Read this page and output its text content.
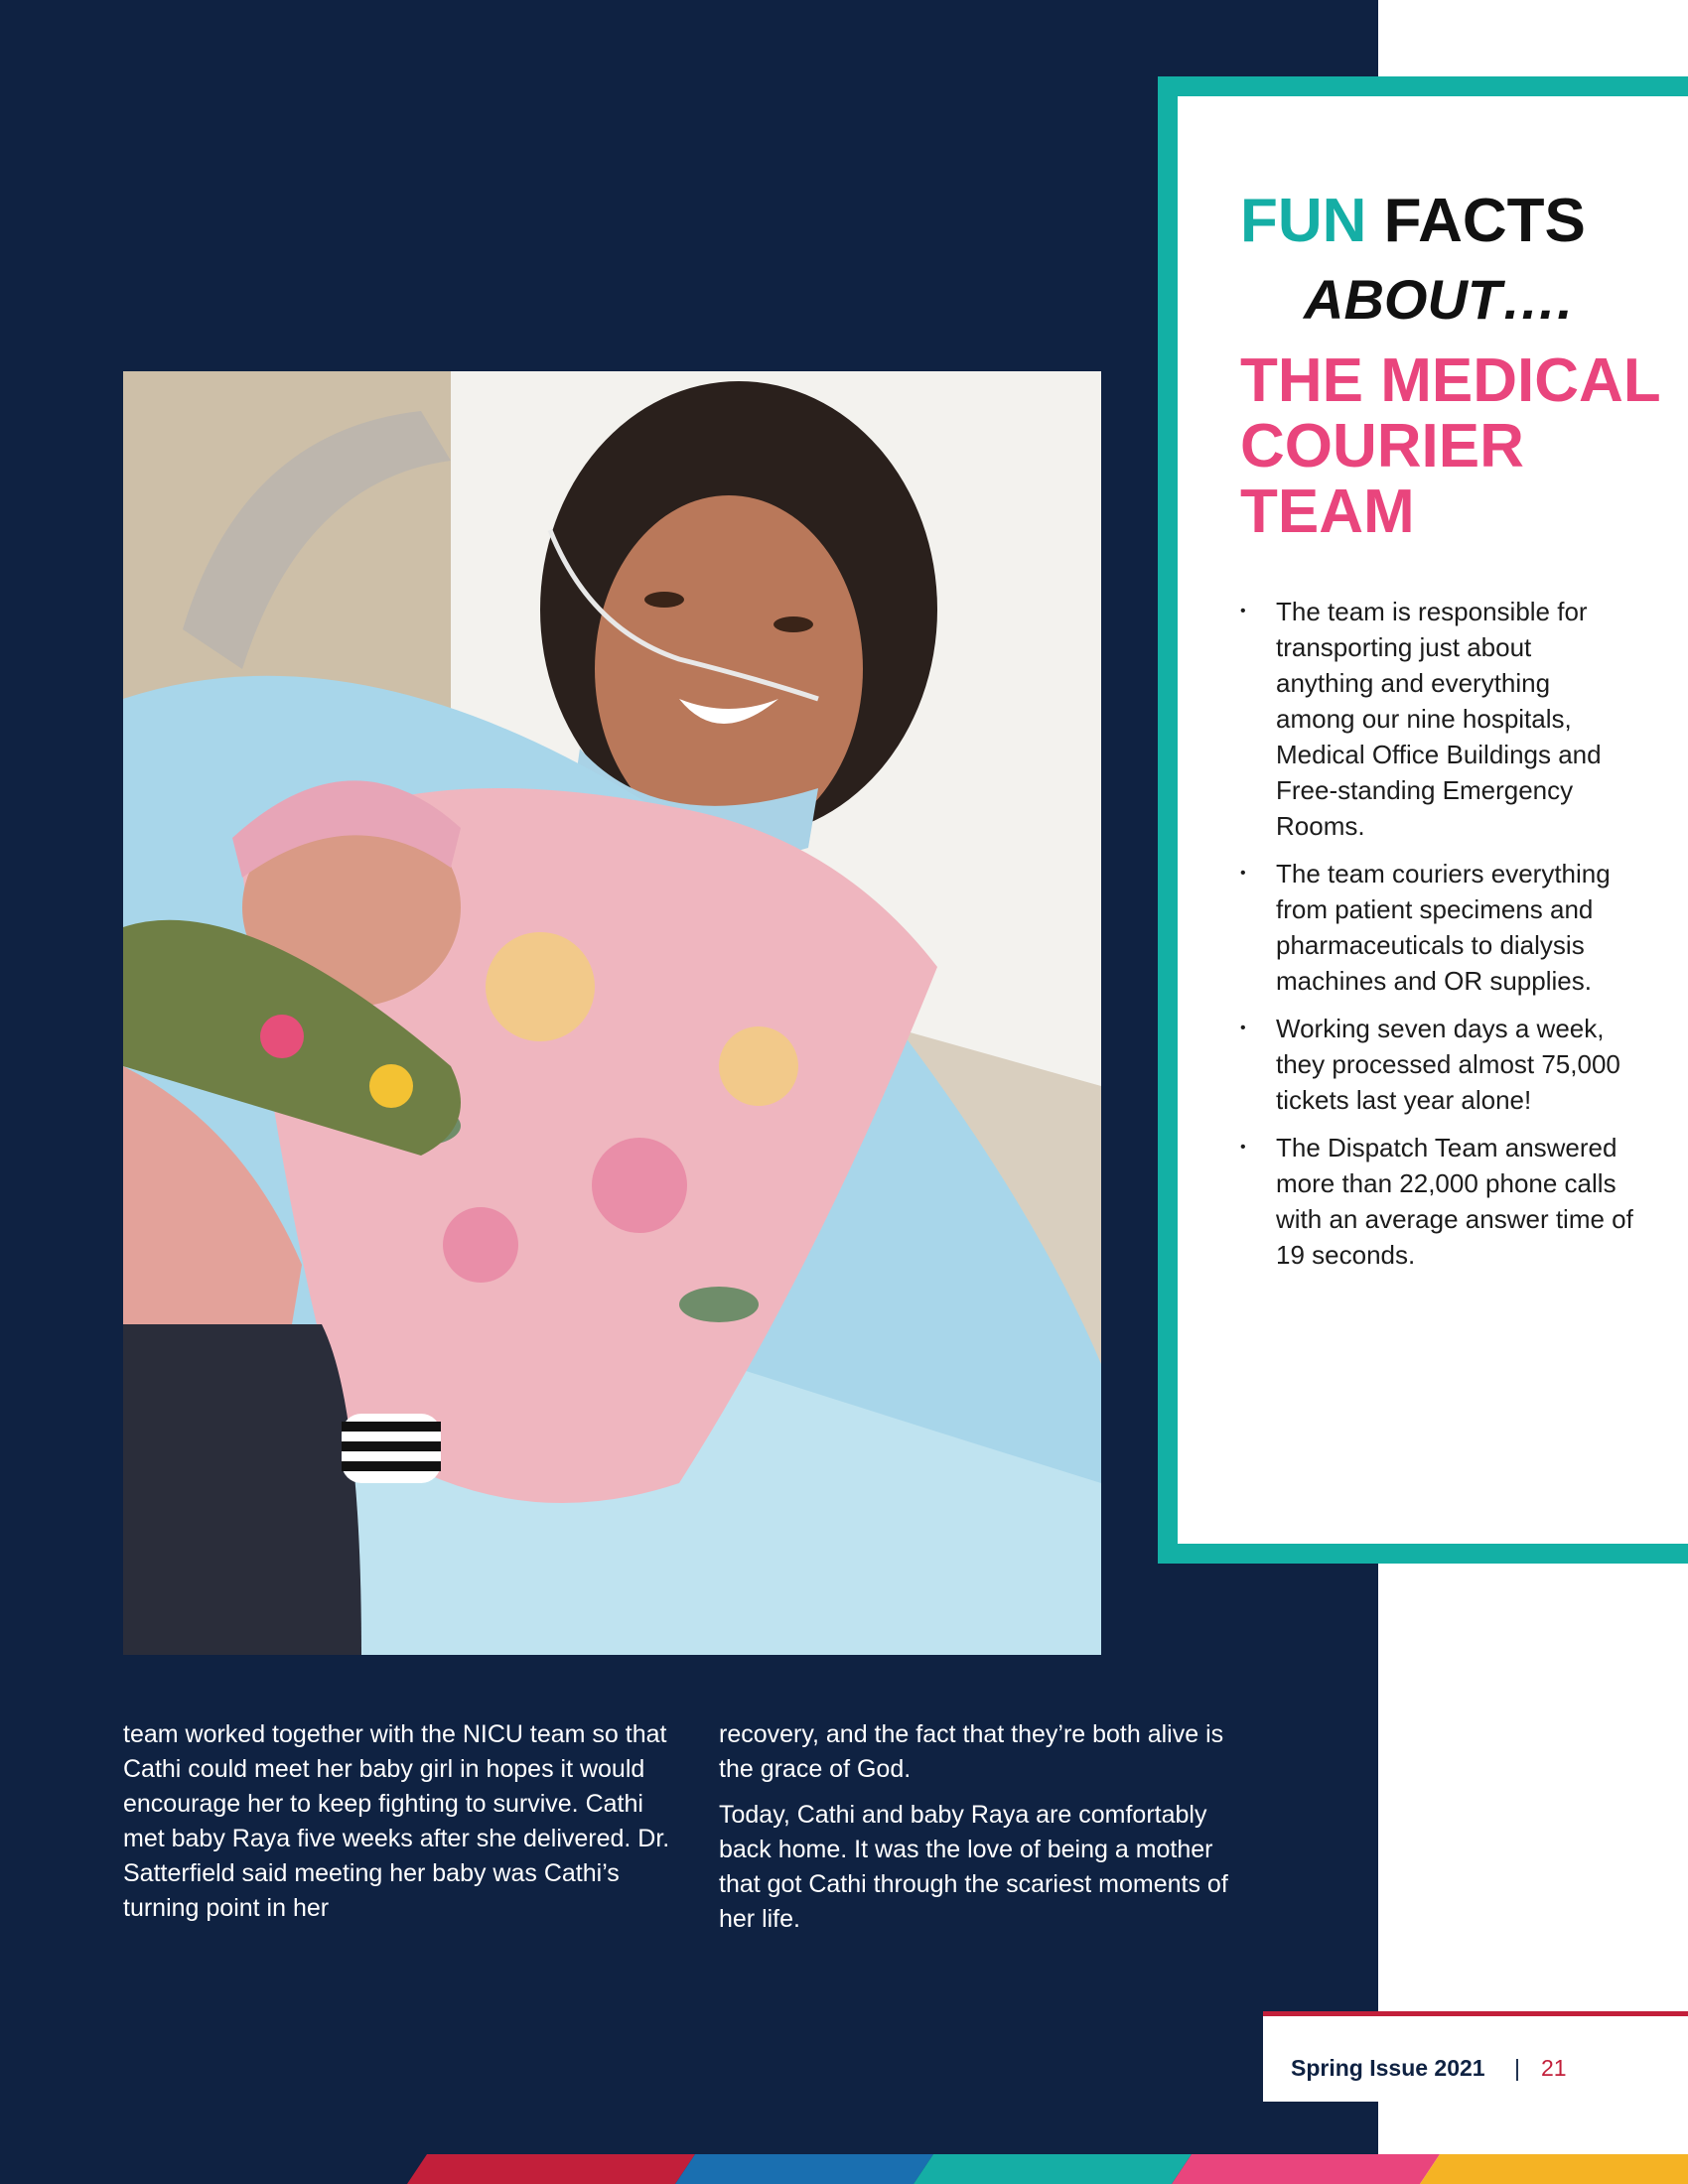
FUN FACTS
ABOUT….
THE MEDICAL
COURIER
TEAM
• The team is responsible for transporting just about anything and everything among our nine hospitals, Medical Office Buildings and Free-standing Emergency Rooms.
• The team couriers everything from patient specimens and pharmaceuticals to dialysis machines and OR supplies.
• Working seven days a week, they processed almost 75,000 tickets last year alone!
• The Dispatch Team answered more than 22,000 phone calls with an average answer time of 19 seconds.

team worked together with the NICU team so that Cathi could meet her baby girl in hopes it would encourage her to keep fighting to survive. Cathi met baby Raya five weeks after she delivered. Dr. Satterfield said meeting her baby was Cathi’s turning point in her

recovery, and the fact that they’re both alive is the grace of God.

Today, Cathi and baby Raya are comfortably back home. It was the love of being a mother that got Cathi through the scariest moments of her life.

Spring Issue 2021 | 21
